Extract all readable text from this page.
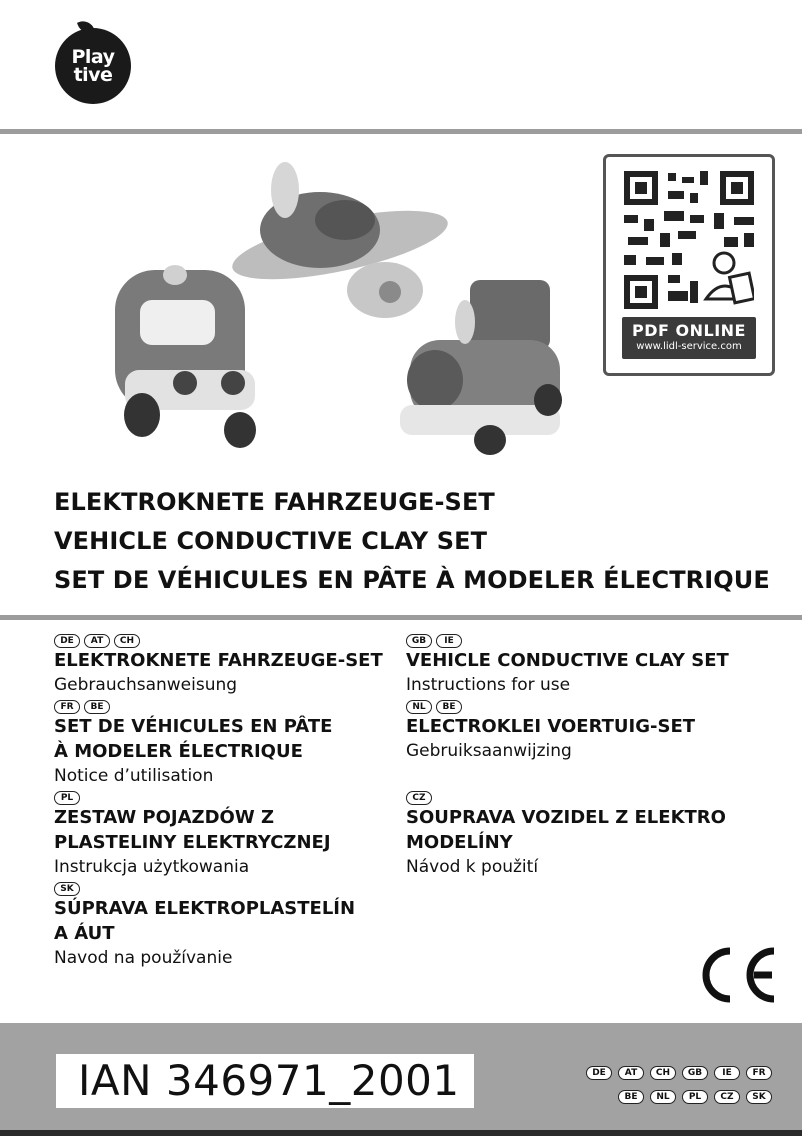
Play
tive
PDF ONLINE
www.lidl-service.com
ELEKTROKNETE FAHRZEUGE-SET
VEHICLE CONDUCTIVE CLAY SET
SET DE VÉHICULES EN PÂTE À MODELER ÉLECTRIQUE
DE	AT	CH
ELEKTROKNETE FAHRZEUGE-SET
Gebrauchsanweisung
FR	BE
SET DE VÉHICULES EN PÂTE
À MODELER ÉLECTRIQUE
Notice d’utilisation
PL
ZESTAW POJAZDÓW Z
PLASTELINY ELEKTRYCZNEJ
Instrukcja użytkowania
SK
SÚPRAVA ELEKTROPLASTELÍN
A ÁUT
Navod na používanie
GB	IE
VEHICLE CONDUCTIVE CLAY SET
Instructions for use
NL	BE
ELECTROKLEI VOERTUIG-SET
Gebruiksaanwijzing
CZ
SOUPRAVA VOZIDEL Z ELEKTRO
MODELÍNY
Návod k použití
CE
IAN 346971_2001	DE	AT	CH	GB	IE	FR
BE	NL	PL	CZ	SK
